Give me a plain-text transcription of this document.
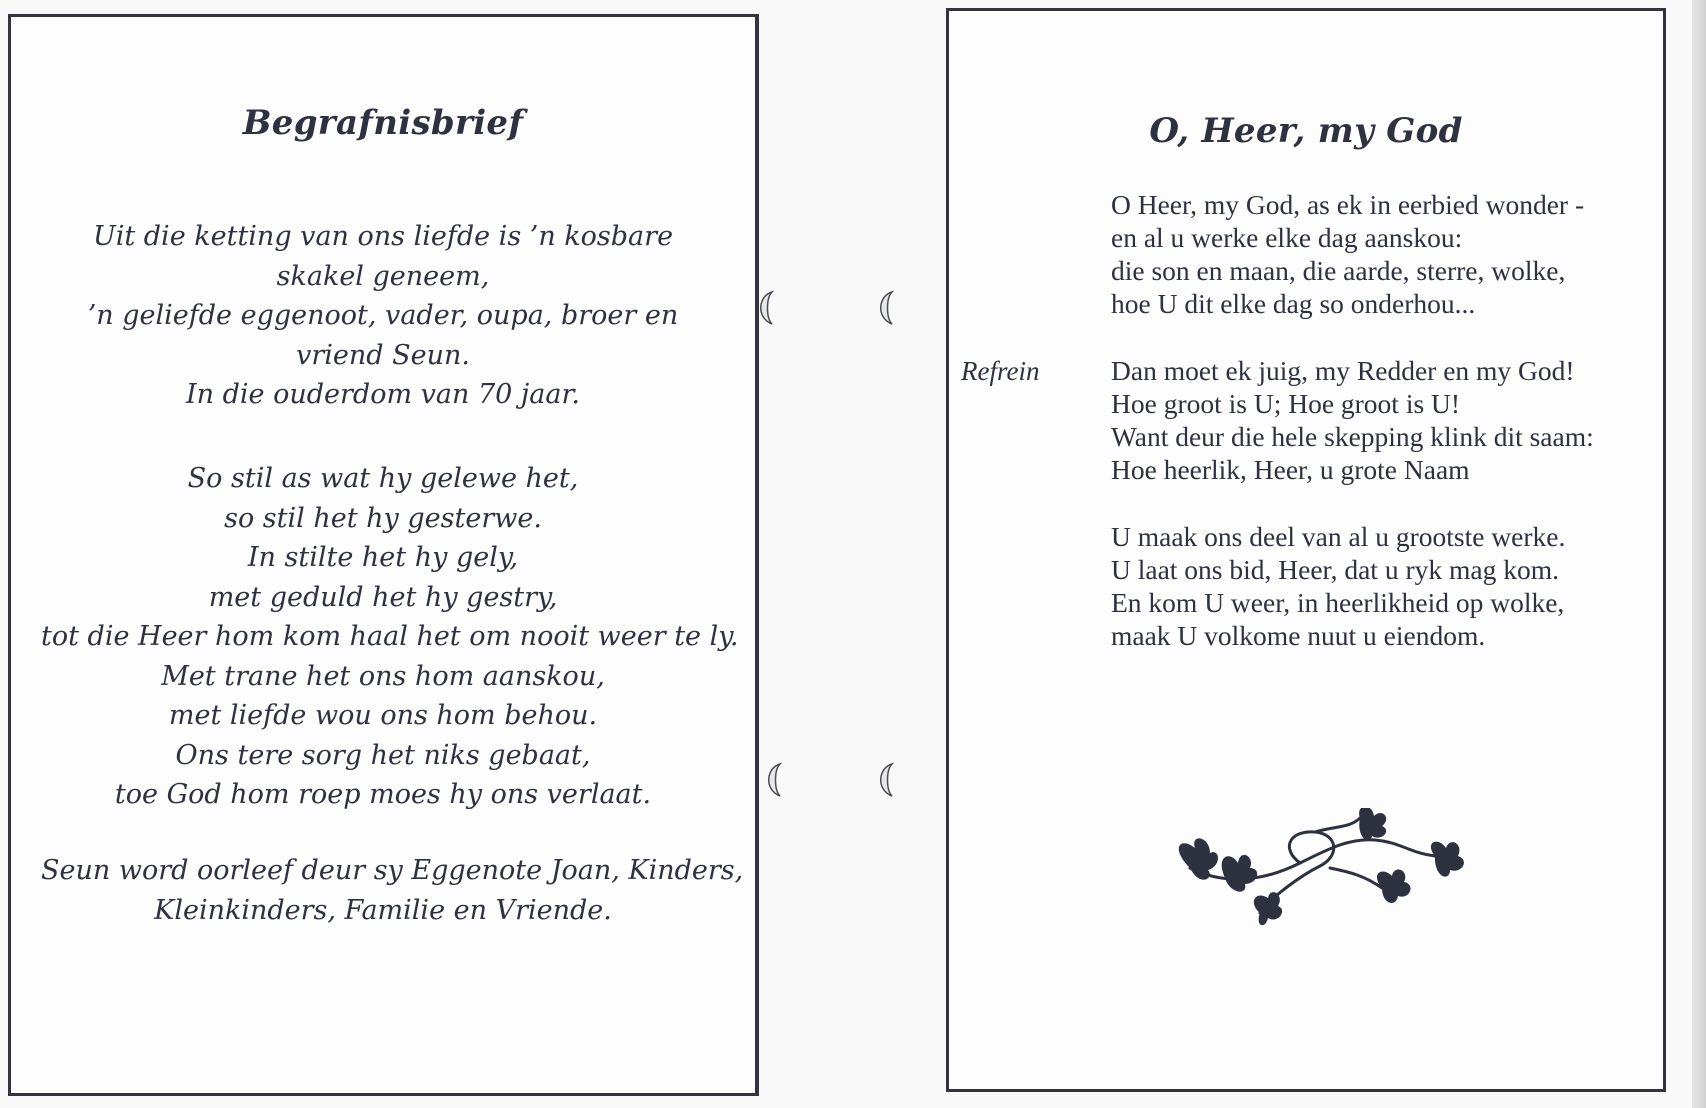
Begrafnisbrief
Uit die ketting van ons liefde is ’n kosbare
skakel geneem,
’n geliefde eggenoot, vader, oupa, broer en
vriend Seun.
In die ouderdom van 70 jaar.
So stil as wat hy gelewe het,
so stil het hy gesterwe.
In stilte het hy gely,
met geduld het hy gestry,
tot die Heer hom kom haal het om nooit weer te ly.
Met trane het ons hom aanskou,
met liefde wou ons hom behou.
Ons tere sorg het niks gebaat,
toe God hom roep moes hy ons verlaat.
Seun word oorleef deur sy Eggenote Joan, Kinders,
Kleinkinders, Familie en Vriende.
O, Heer, my God
O Heer, my God, as ek in eerbied wonder -
en al u werke elke dag aanskou:
die son en maan, die aarde, sterre, wolke,
hoe U dit elke dag so onderhou...
Refrein	Dan moet ek juig, my Redder en my God!
Hoe groot is U; Hoe groot is U!
Want deur die hele skepping klink dit saam:
Hoe heerlik, Heer, u grote Naam
U maak ons deel van al u grootste werke.
U laat ons bid, Heer, dat u ryk mag kom.
En kom U weer, in heerlikheid op wolke,
maak U volkome nuut u eiendom.
